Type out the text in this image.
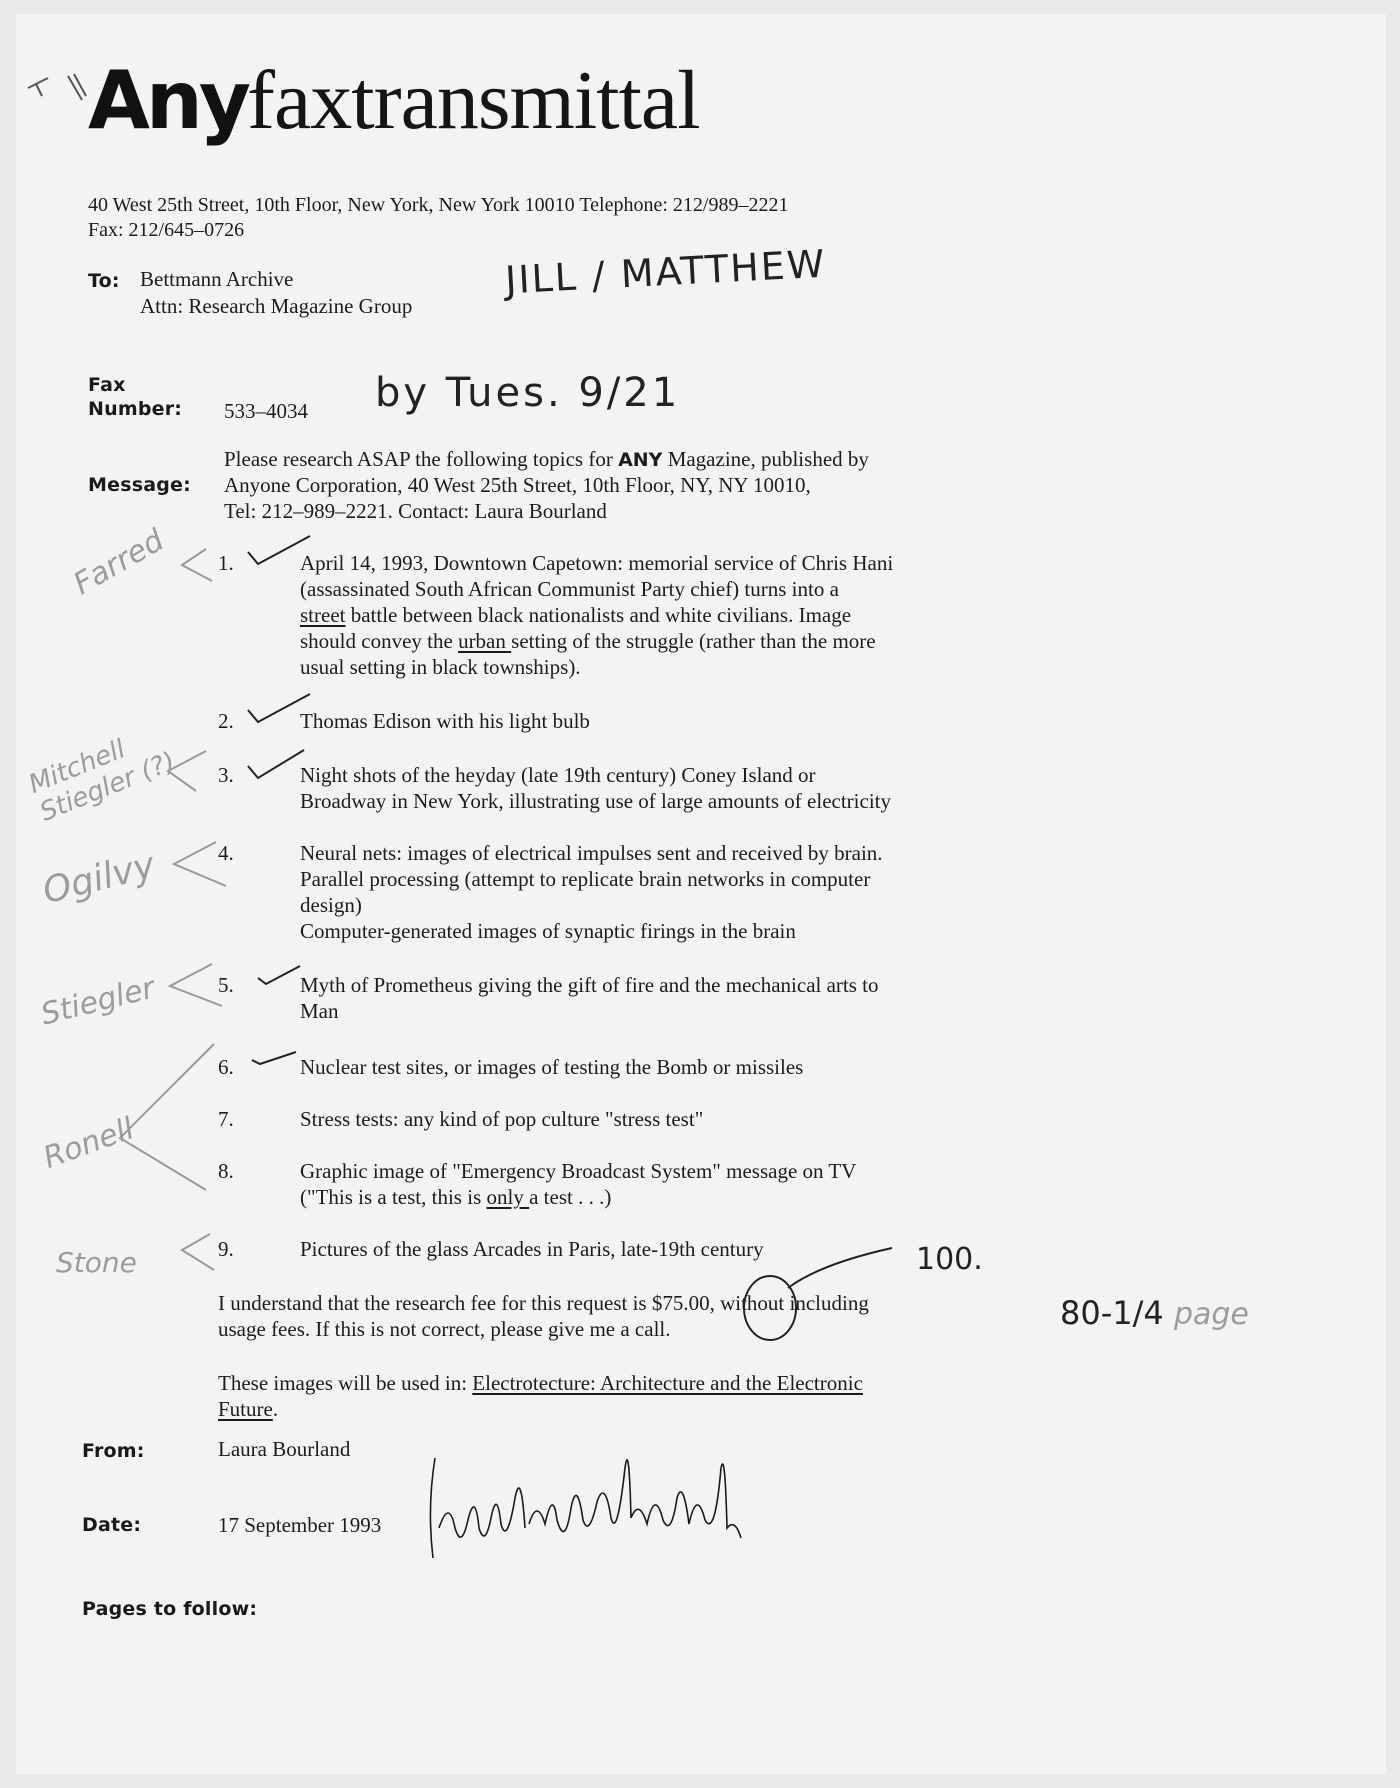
Anyfaxtransmittal
40 West 25th Street, 10th Floor, New York, New York 10010 Telephone: 212/989–2221
Fax: 212/645–0726
To: Bettmann Archive
Attn: Research Magazine Group
JILL / MATTHEW
Fax
Number: 533–4034 by Tues. 9/21
Message:
Please research ASAP the following topics for ANY Magazine, published by
Anyone Corporation, 40 West 25th Street, 10th Floor, NY, NY 10010,
Tel: 212–989–2221. Contact: Laura Bourland
Farred 1.	April 14, 1993, Downtown Capetown: memorial service of Chris Hani
(assassinated South African Communist Party chief) turns into a
street battle between black nationalists and white civilians. Image
should convey the urban setting of the struggle (rather than the more
usual setting in black townships).
2.	Thomas Edison with his light bulb
Mitchell Stiegler (?)	3.	Night shots of the heyday (late 19th century) Coney Island or
Broadway in New York, illustrating use of large amounts of electricity
Ogilvy	4.	Neural nets: images of electrical impulses sent and received by brain.
Parallel processing (attempt to replicate brain networks in computer
design)
Computer-generated images of synaptic firings in the brain
Stiegler	5.	Myth of Prometheus giving the gift of fire and the mechanical arts to
Man
Ronell
6.	Nuclear test sites, or images of testing the Bomb or missiles
7.	Stress tests: any kind of pop culture "stress test"
8.	Graphic image of "Emergency Broadcast System" message on TV
("This is a test, this is only a test . . .)
Stone	9.	Pictures of the glass Arcades in Paris, late-19th century
I understand that the research fee for this request is $75.00, without including
usage fees. If this is not correct, please give me a call.
100.
80-1/4 page
These images will be used in: Electrotecture: Architecture and the Electronic
Future.
From:	Laura Bourland
Date:	17 September 1993
Pages to follow:
